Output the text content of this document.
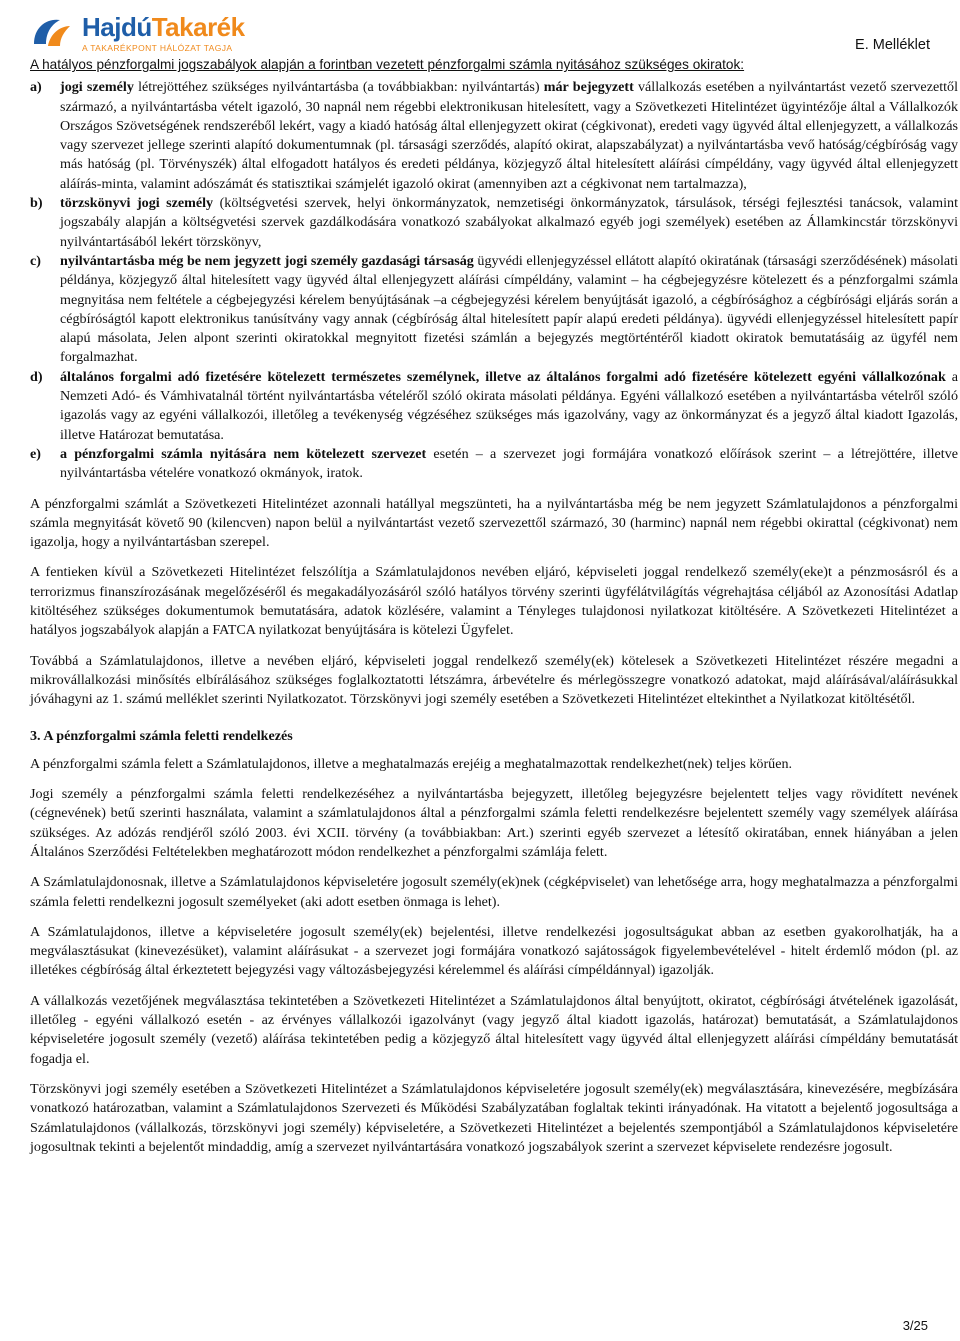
HajdúTakarék
A TAKARÉKPONT HÁLÓZAT TAGJA	E. Melléklet

A hatályos pénzforgalmi jogszabályok alapján a forintban vezetett pénzforgalmi számla nyitásához szükséges okiratok:

a) jogi személy létrejöttéhez szükséges nyilvántartásba (a továbbiakban: nyilvántartás) már bejegyzett vállalkozás esetében a nyilvántartást vezető szervezettől származó, a nyilvántartásba vételt igazoló, 30 napnál nem régebbi elektronikusan hitelesített, vagy a Szövetkezeti Hitelintézet ügyintézője által a Vállalkozók Országos Szövetségének rendszeréből lekért, vagy a kiadó hatóság által ellenjegyzett okirat (cégkivonat), eredeti vagy ügyvéd által ellenjegyzett, a vállalkozás vagy szervezet jellege szerinti alapító dokumentumnak (pl. társasági szerződés, alapító okirat, alapszabályzat) a nyilvántartásba vevő hatóság/cégbíróság vagy más hatóság (pl. Törvényszék) által elfogadott hatályos és eredeti példánya, közjegyző által hitelesített aláírási címpéldány, vagy ügyvéd által ellenjegyzett aláírás-minta, valamint adószámát és statisztikai számjelét igazoló okirat (amennyiben azt a cégkivonat nem tartalmazza),
b) törzskönyvi jogi személy (költségvetési szervek, helyi önkormányzatok, nemzetiségi önkormányzatok, társulások, térségi fejlesztési tanácsok, valamint jogszabály alapján a költségvetési szervek gazdálkodására vonatkozó szabályokat alkalmazó egyéb jogi személyek) esetében az Államkincstár törzskönyvi nyilvántartásából lekért törzskönyv,
c) nyilvántartásba még be nem jegyzett jogi személy gazdasági társaság ügyvédi ellenjegyzéssel ellátott alapító okiratának (társasági szerződésének) másolati példánya, közjegyző által hitelesített vagy ügyvéd által ellenjegyzett aláírási címpéldány, valamint – ha cégbejegyzésre kötelezett és a pénzforgalmi számla megnyitása nem feltétele a cégbejegyzési kérelem benyújtásának –a cégbejegyzési kérelem benyújtását igazoló, a cégbírósághoz a cégbírósági eljárás során a cégbíróságtól kapott elektronikus tanúsítvány vagy annak (cégbíróság által hitelesített papír alapú eredeti példánya). ügyvédi ellenjegyzéssel hitelesített papír alapú másolata, Jelen alpont szerinti okiratokkal megnyitott fizetési számlán a bejegyzés megtörténtéről kiadott okiratok bemutatásáig az ügyfél nem forgalmazhat.
d) általános forgalmi adó fizetésére kötelezett természetes személynek, illetve az általános forgalmi adó fizetésére kötelezett egyéni vállalkozónak a Nemzeti Adó- és Vámhivatalnál történt nyilvántartásba vételéről szóló okirata másolati példánya. Egyéni vállalkozó esetében a nyilvántartásba vételről szóló igazolás vagy az egyéni vállalkozói, illetőleg a tevékenység végzéséhez szükséges más igazolvány, vagy az önkormányzat és a jegyző által kiadott Igazolás, illetve Határozat bemutatása.
e) a pénzforgalmi számla nyitására nem kötelezett szervezet esetén – a szervezet jogi formájára vonatkozó előírások szerint – a létrejöttére, illetve nyilvántartásba vételére vonatkozó okmányok, iratok.

A pénzforgalmi számlát a Szövetkezeti Hitelintézet azonnali hatállyal megszünteti, ha a nyilvántartásba még be nem jegyzett Számlatulajdonos a pénzforgalmi számla megnyitását követő 90 (kilencven) napon belül a nyilvántartást vezető szervezettől származó, 30 (harminc) napnál nem régebbi okirattal (cégkivonat) nem igazolja, hogy a nyilvántartásban szerepel.

A fentieken kívül a Szövetkezeti Hitelintézet felszólítja a Számlatulajdonos nevében eljáró, képviseleti joggal rendelkező személy(eke)t a pénzmosásról és a terrorizmus finanszírozásának megelőzéséről és megakadályozásáról szóló hatályos törvény szerinti ügyfélátvilágítás végrehajtása céljából az Azonosítási Adatlap kitöltéséhez szükséges dokumentumok bemutatására, adatok közlésére, valamint a Tényleges tulajdonosi nyilatkozat kitöltésére. A Szövetkezeti Hitelintézet a hatályos jogszabályok alapján a FATCA nyilatkozat benyújtására is kötelezi Ügyfelet.

Továbbá a Számlatulajdonos, illetve a nevében eljáró, képviseleti joggal rendelkező személy(ek) kötelesek a Szövetkezeti Hitelintézet részére megadni a mikrovállalkozási minősítés elbírálásához szükséges foglalkoztatotti létszámra, árbevételre és mérlegösszegre vonatkozó adatokat, majd aláírásával/aláírásukkal jóváhagyni az 1. számú melléklet szerinti Nyilatkozatot. Törzskönyvi jogi személy esetében a Szövetkezeti Hitelintézet eltekinthet a Nyilatkozat kitöltésétől.

3. A pénzforgalmi számla feletti rendelkezés

A pénzforgalmi számla felett a Számlatulajdonos, illetve a meghatalmazás erejéig a meghatalmazottak rendelkezhet(nek) teljes körűen.

Jogi személy a pénzforgalmi számla feletti rendelkezéséhez a nyilvántartásba bejegyzett, illetőleg bejegyzésre bejelentett teljes vagy rövidített nevének (cégnevének) betű szerinti használata, valamint a számlatulajdonos által a pénzforgalmi számla feletti rendelkezésre bejelentett személy vagy személyek aláírása szükséges. Az adózás rendjéről szóló 2003. évi XCII. törvény (a továbbiakban: Art.) szerinti egyéb szervezet a létesítő okiratában, ennek hiányában a jelen Általános Szerződési Feltételekben meghatározott módon rendelkezhet a pénzforgalmi számlája felett.

A Számlatulajdonosnak, illetve a Számlatulajdonos képviseletére jogosult személy(ek)nek (cégképviselet) van lehetősége arra, hogy meghatalmazza a pénzforgalmi számla feletti rendelkezni jogosult személyeket (aki adott esetben önmaga is lehet).

A Számlatulajdonos, illetve a képviseletére jogosult személy(ek) bejelentési, illetve rendelkezési jogosultságukat abban az esetben gyakorolhatják, ha a megválasztásukat (kinevezésüket), valamint aláírásukat - a szervezet jogi formájára vonatkozó sajátosságok figyelembevételével - hitelt érdemlő módon (pl. az illetékes cégbíróság által érkeztetett bejegyzési vagy változásbejegyzési kérelemmel és aláírási címpéldánnyal) igazolják.

A vállalkozás vezetőjének megválasztása tekintetében a Szövetkezeti Hitelintézet a Számlatulajdonos által benyújtott, okiratot, cégbírósági átvételének igazolását, illetőleg - egyéni vállalkozó esetén - az érvényes vállalkozói igazolványt (vagy jegyző által kiadott igazolás, határozat) bemutatását, a Számlatulajdonos képviseletére jogosult személy (vezető) aláírása tekintetében pedig a közjegyző által hitelesített vagy ügyvéd által ellenjegyzett aláírási címpéldány bemutatását fogadja el.

Törzskönyvi jogi személy esetében a Szövetkezeti Hitelintézet a Számlatulajdonos képviseletére jogosult személy(ek) megválasztására, kinevezésére, megbízására vonatkozó határozatban, valamint a Számlatulajdonos Szervezeti és Működési Szabályzatában foglaltak tekinti irányadónak. Ha vitatott a bejelentő jogosultsága a Számlatulajdonos (vállalkozás, törzskönyvi jogi személy) képviseletére, a Szövetkezeti Hitelintézet a bejelentés szempontjából a Számlatulajdonos képviseletére jogosultnak tekinti a bejelentőt mindaddig, amíg a szervezet nyilvántartására vonatkozó jogszabályok szerint a szervezet képviselete rendezésre jogosult.

3/25
